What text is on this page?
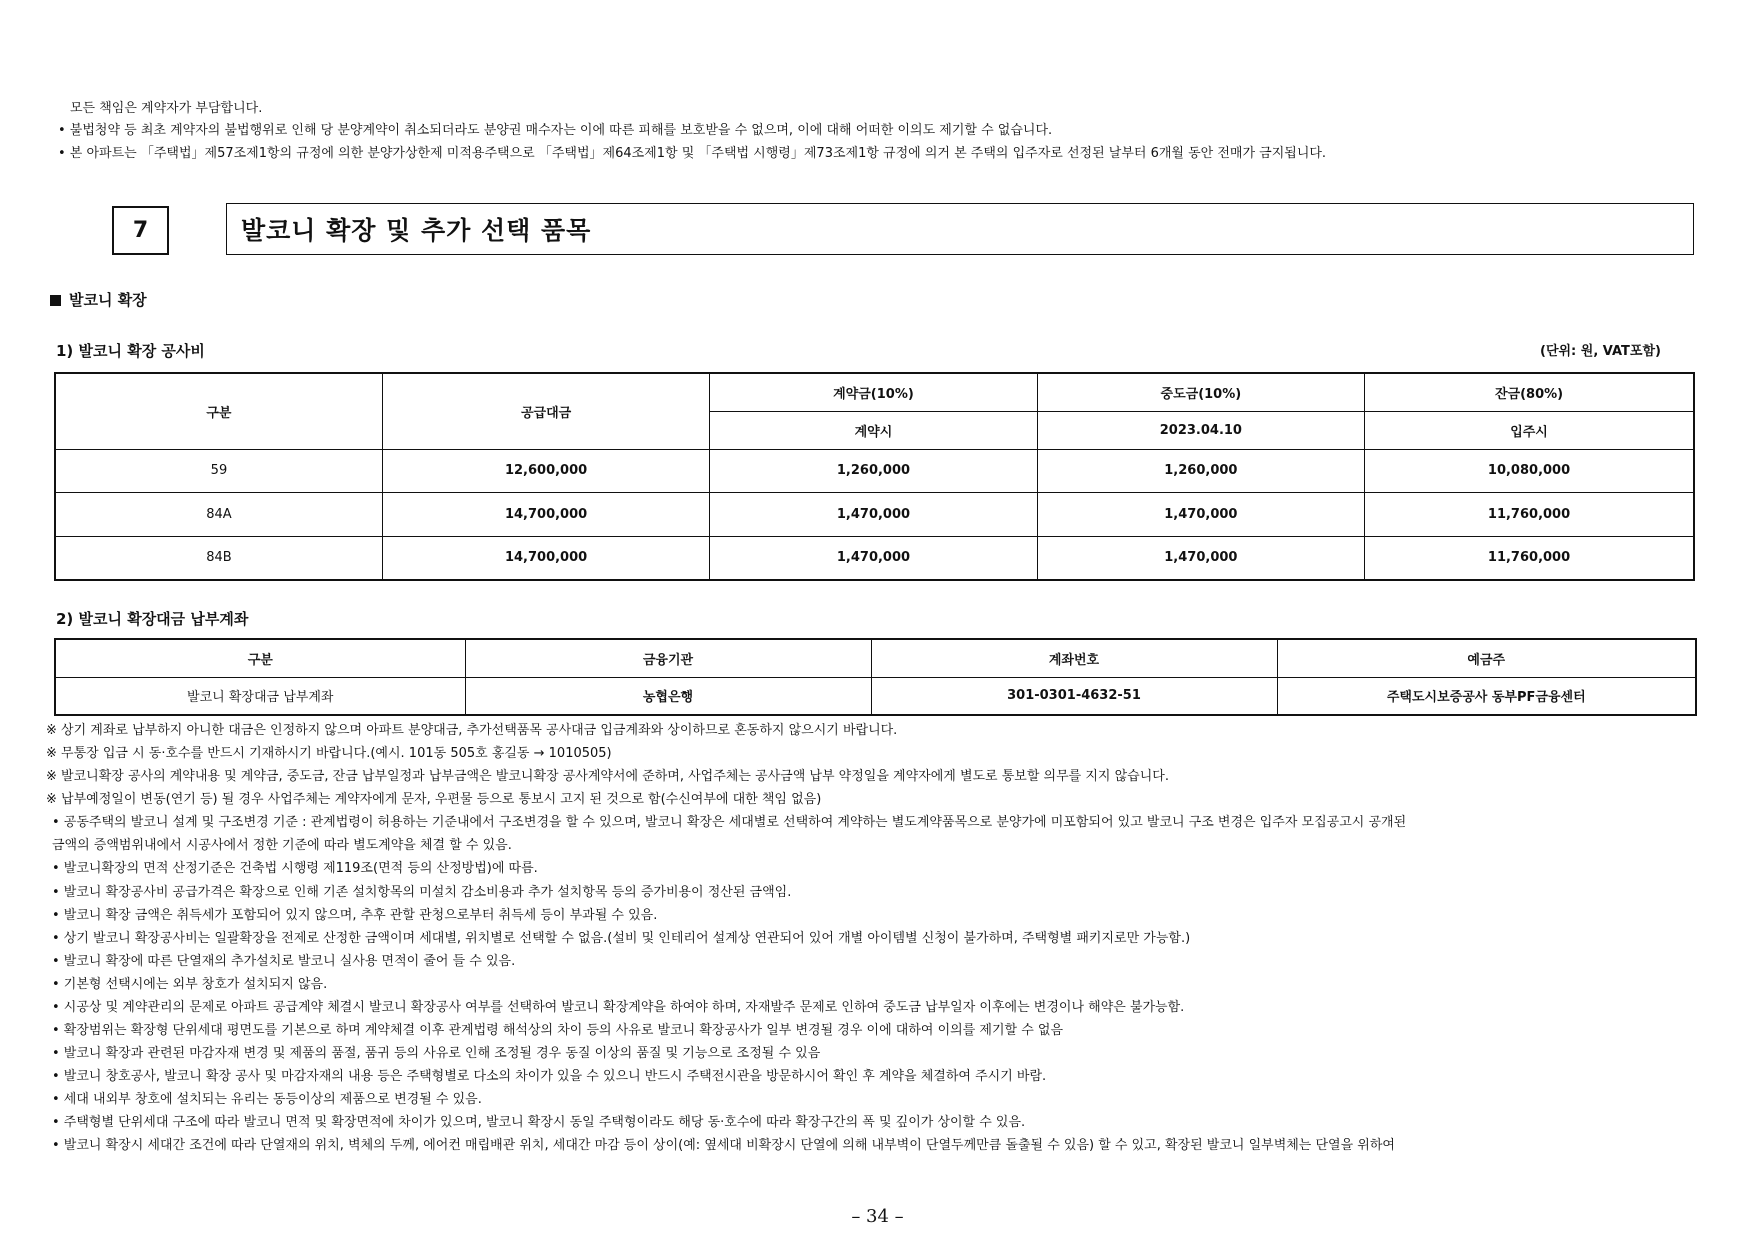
모든 책임은 계약자가 부담합니다.
• 불법청약 등 최초 계약자의 불법행위로 인해 당 분양계약이 취소되더라도 분양권 매수자는 이에 따른 피해를 보호받을 수 없으며, 이에 대해 어떠한 이의도 제기할 수 없습니다.
• 본 아파트는 「주택법」제57조제1항의 규정에 의한 분양가상한제 미적용주택으로 「주택법」제64조제1항 및 「주택법 시행령」제73조제1항 규정에 의거 본 주택의 입주자로 선정된 날부터 6개월 동안 전매가 금지됩니다.
7	발코니 확장 및 추가 선택 품목
발코니 확장
1) 발코니 확장 공사비	(단위: 원, VAT포함)
구분	공급대금	계약금(10%)	중도금(10%)	잔금(80%)
		계약시	2023.04.10	입주시
59	12,600,000	1,260,000	1,260,000	10,080,000
84A	14,700,000	1,470,000	1,470,000	11,760,000
84B	14,700,000	1,470,000	1,470,000	11,760,000
2) 발코니 확장대금 납부계좌
구분	금융기관	계좌번호	예금주
발코니 확장대금 납부계좌	농협은행	301-0301-4632-51	주택도시보증공사 동부PF금융센터
※ 상기 계좌로 납부하지 아니한 대금은 인정하지 않으며 아파트 분양대금, 추가선택품목 공사대금 입금계좌와 상이하므로 혼동하지 않으시기 바랍니다.
※ 무통장 입금 시 동·호수를 반드시 기재하시기 바랍니다.(예시. 101동 505호 홍길동 → 1010505)
※ 발코니확장 공사의 계약내용 및 계약금, 중도금, 잔금 납부일정과 납부금액은 발코니확장 공사계약서에 준하며, 사업주체는 공사금액 납부 약정일을 계약자에게 별도로 통보할 의무를 지지 않습니다.
※ 납부예정일이 변동(연기 등) 될 경우 사업주체는 계약자에게 문자, 우편물 등으로 통보시 고지 된 것으로 함(수신여부에 대한 책임 없음)
• 공동주택의 발코니 설계 및 구조변경 기준 : 관계법령이 허용하는 기준내에서 구조변경을 할 수 있으며, 발코니 확장은 세대별로 선택하여 계약하는 별도계약품목으로 분양가에 미포함되어 있고 발코니 구조 변경은 입주자 모집공고시 공개된
금액의 증액범위내에서 시공사에서 정한 기준에 따라 별도계약을 체결 할 수 있음.
• 발코니확장의 면적 산정기준은 건축법 시행령 제119조(면적 등의 산정방법)에 따름.
• 발코니 확장공사비 공급가격은 확장으로 인해 기존 설치항목의 미설치 감소비용과 추가 설치항목 등의 증가비용이 정산된 금액임.
• 발코니 확장 금액은 취득세가 포함되어 있지 않으며, 추후 관할 관청으로부터 취득세 등이 부과될 수 있음.
• 상기 발코니 확장공사비는 일괄확장을 전제로 산정한 금액이며 세대별, 위치별로 선택할 수 없음.(설비 및 인테리어 설계상 연관되어 있어 개별 아이템별 신청이 불가하며, 주택형별 패키지로만 가능함.)
• 발코니 확장에 따른 단열재의 추가설치로 발코니 실사용 면적이 줄어 들 수 있음.
• 기본형 선택시에는 외부 창호가 설치되지 않음.
• 시공상 및 계약관리의 문제로 아파트 공급계약 체결시 발코니 확장공사 여부를 선택하여 발코니 확장계약을 하여야 하며, 자재발주 문제로 인하여 중도금 납부일자 이후에는 변경이나 해약은 불가능함.
• 확장범위는 확장형 단위세대 평면도를 기본으로 하며 계약체결 이후 관계법령 해석상의 차이 등의 사유로 발코니 확장공사가 일부 변경될 경우 이에 대하여 이의를 제기할 수 없음
• 발코니 확장과 관련된 마감자재 변경 및 제품의 품절, 품귀 등의 사유로 인해 조정될 경우 동질 이상의 품질 및 기능으로 조정될 수 있음
• 발코니 창호공사, 발코니 확장 공사 및 마감자재의 내용 등은 주택형별로 다소의 차이가 있을 수 있으니 반드시 주택전시관을 방문하시어 확인 후 계약을 체결하여 주시기 바람.
• 세대 내외부 창호에 설치되는 유리는 동등이상의 제품으로 변경될 수 있음.
• 주택형별 단위세대 구조에 따라 발코니 면적 및 확장면적에 차이가 있으며, 발코니 확장시 동일 주택형이라도 해당 동·호수에 따라 확장구간의 폭 및 깊이가 상이할 수 있음.
• 발코니 확장시 세대간 조건에 따라 단열재의 위치, 벽체의 두께, 에어컨 매립배관 위치, 세대간 마감 등이 상이(예: 옆세대 비확장시 단열에 의해 내부벽이 단열두께만큼 돌출될 수 있음) 할 수 있고, 확장된 발코니 일부벽체는 단열을 위하여
– 34 –
